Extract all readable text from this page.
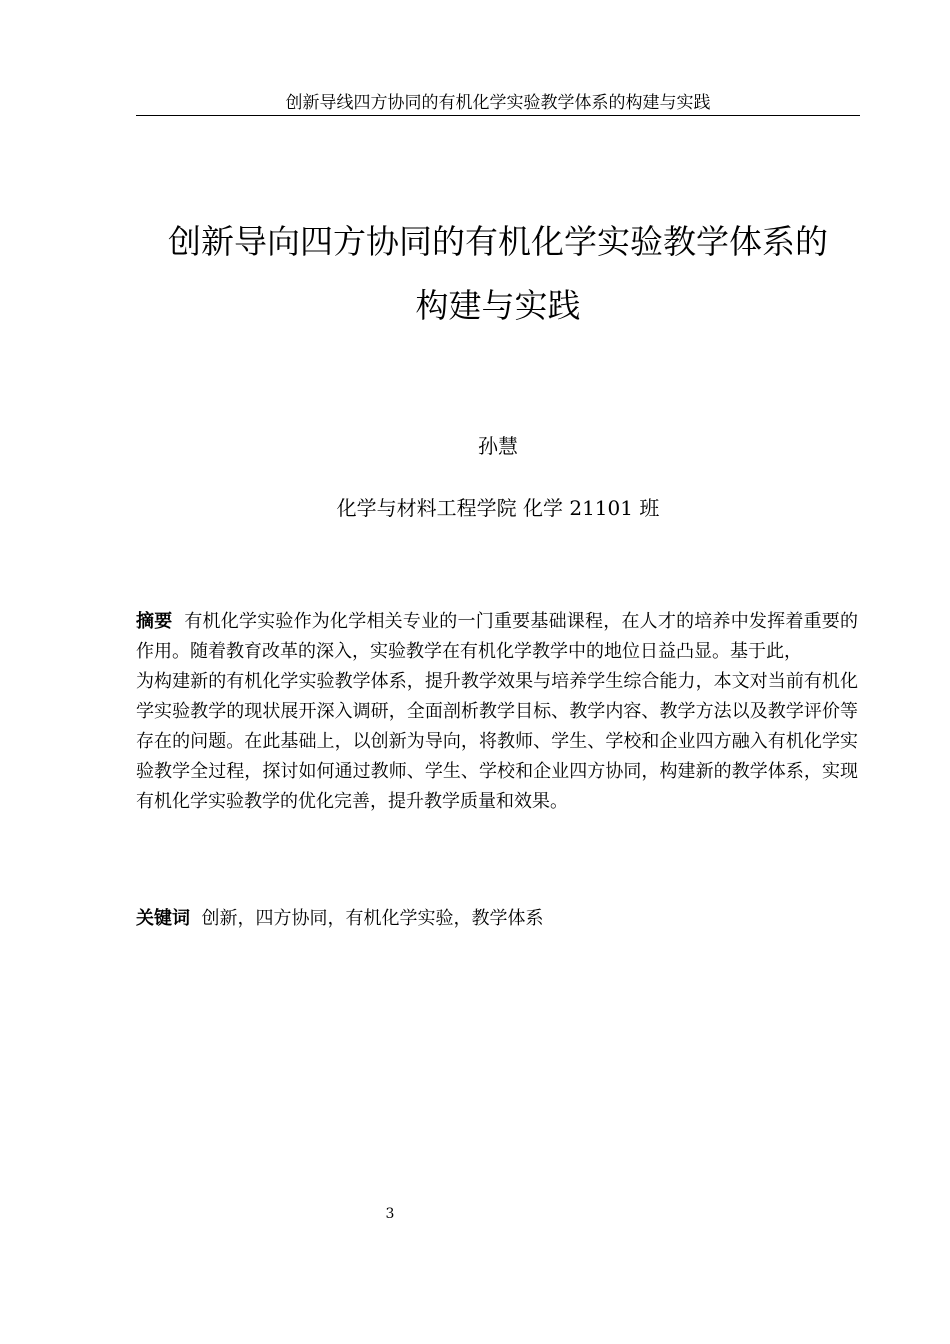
创新导线四方协同的有机化学实验教学体系的构建与实践
创新导向四方协同的有机化学实验教学体系的
构建与实践
孙慧
化学与材料工程学院 化学 21101 班

摘要 有机化学实验作为化学相关专业的一门重要基础课程，在人才的培养中发挥着重要的作用。随着教育改革的深入，实验教学在有机化学教学中的地位日益凸显。基于此，

为构建新的有机化学实验教学体系，提升教学效果与培养学生综合能力，本文对当前有机化学实验教学的现状展开深入调研，全面剖析教学目标、教学内容、教学方法以及教学评价等存在的问题。在此基础上，以创新为导向，将教师、学生、学校和企业四方融入有机化学实验教学全过程，探讨如何通过教师、学生、学校和企业四方协同，构建新的教学体系，实现有机化学实验教学的优化完善，提升教学质量和效果。

关键词 创新，四方协同，有机化学实验，教学体系
3
